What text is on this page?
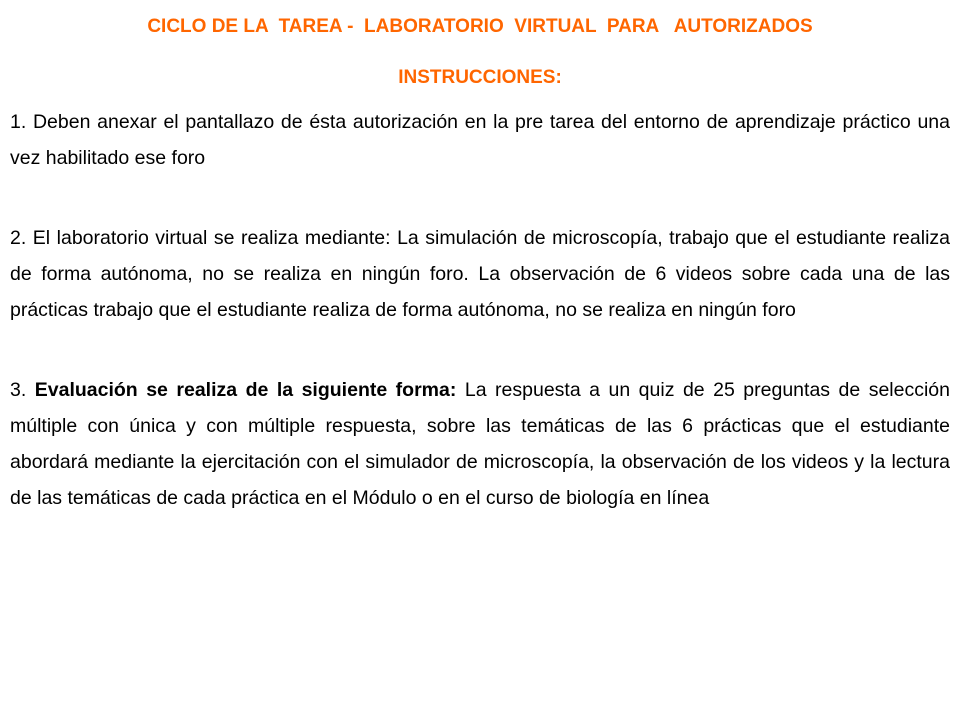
CICLO DE LA  TAREA -  LABORATORIO  VIRTUAL  PARA   AUTORIZADOS
INSTRUCCIONES:

1. Deben anexar el pantallazo de ésta autorización en la pre tarea del entorno de aprendizaje práctico una vez habilitado ese foro

2. El laboratorio virtual se realiza mediante: La simulación de microscopía, trabajo que el estudiante realiza de forma autónoma, no se realiza en ningún foro. La observación de 6 videos sobre cada una de las prácticas trabajo que el estudiante realiza de forma autónoma, no se realiza en ningún foro

3. Evaluación se realiza de la siguiente forma: La respuesta a un quiz de 25 preguntas de selección múltiple con única y con múltiple respuesta, sobre las temáticas de las 6 prácticas que el estudiante abordará mediante la ejercitación con el simulador de microscopía, la observación de los videos y la lectura de las temáticas de cada práctica en el Módulo o en el curso de biología en línea
